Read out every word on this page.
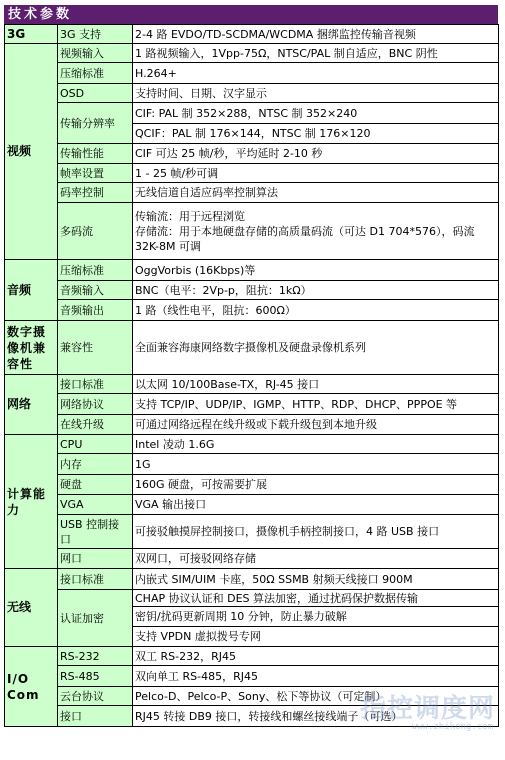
技术参数
3G	3G 支持	2-4 路 EVDO/TD-SCDMA/WCDMA 捆绑监控传输音视频
视频	视频输入	1 路视频输入，1Vpp-75Ω，NTSC/PAL 制自适应，BNC 阴性
	压缩标准	H.264+
	OSD	支持时间、日期、汉字显示
	传输分辨率	CIF: PAL 制 352×288，NTSC 制 352×240
		QCIF：PAL 制 176×144，NTSC 制 176×120
	传输性能	CIF 可达 25 帧/秒，平均延时 2-10 秒
	帧率设置	1 - 25 帧/秒可调
	码率控制	无线信道自适应码率控制算法
	多码流	传输流：用于远程浏览
存储流：用于本地硬盘存储的高质量码流（可达 D1 704*576），码流 32K-8M 可调

音频	压缩标准	OggVorbis (16Kbps)等
	音频输入	BNC（电平：2Vp-p，阻抗：1kΩ）
	音频输出	1 路（线性电平，阻抗：600Ω）
数字摄像机兼容性	兼容性	全面兼容海康网络数字摄像机及硬盘录像机系列
网络	接口标准	以太网 10/100Base-TX，RJ-45 接口
	网络协议	支持 TCP/IP、UDP/IP、IGMP、HTTP、RDP、DHCP、PPPOE 等
	在线升级	可通过网络远程在线升级或下载升级包到本地升级
计算能力	CPU	Intel 凌动 1.6G
	内存	1G
	硬盘	160G 硬盘，可按需要扩展
	VGA	VGA 输出接口
	USB 控制接口	可接驳触摸屏控制接口，摄像机手柄控制接口，4 路 USB 接口
	网口	双网口，可接驳网络存储
无线	接口标准	内嵌式 SIM/UIM 卡座，50Ω SSMB 射频天线接口 900M
	认证加密	CHAP 协议认证和 DES 算法加密，通过扰码保护数据传输
		密钥/扰码更新周期 10 分钟，防止暴力破解
		支持 VPDN 虚拟拨号专网
I/O Com	RS-232	双工 RS-232，RJ45
	RS-485	双向单工 RS-485，RJ45
	云台协议	Pelco-D、Pelco-P、Sony、松下等协议（可定制）
	接口	RJ45 转接 DB9 接口，转接线和螺丝接线端子（可选）
指控调度网
www.zhikong.com
